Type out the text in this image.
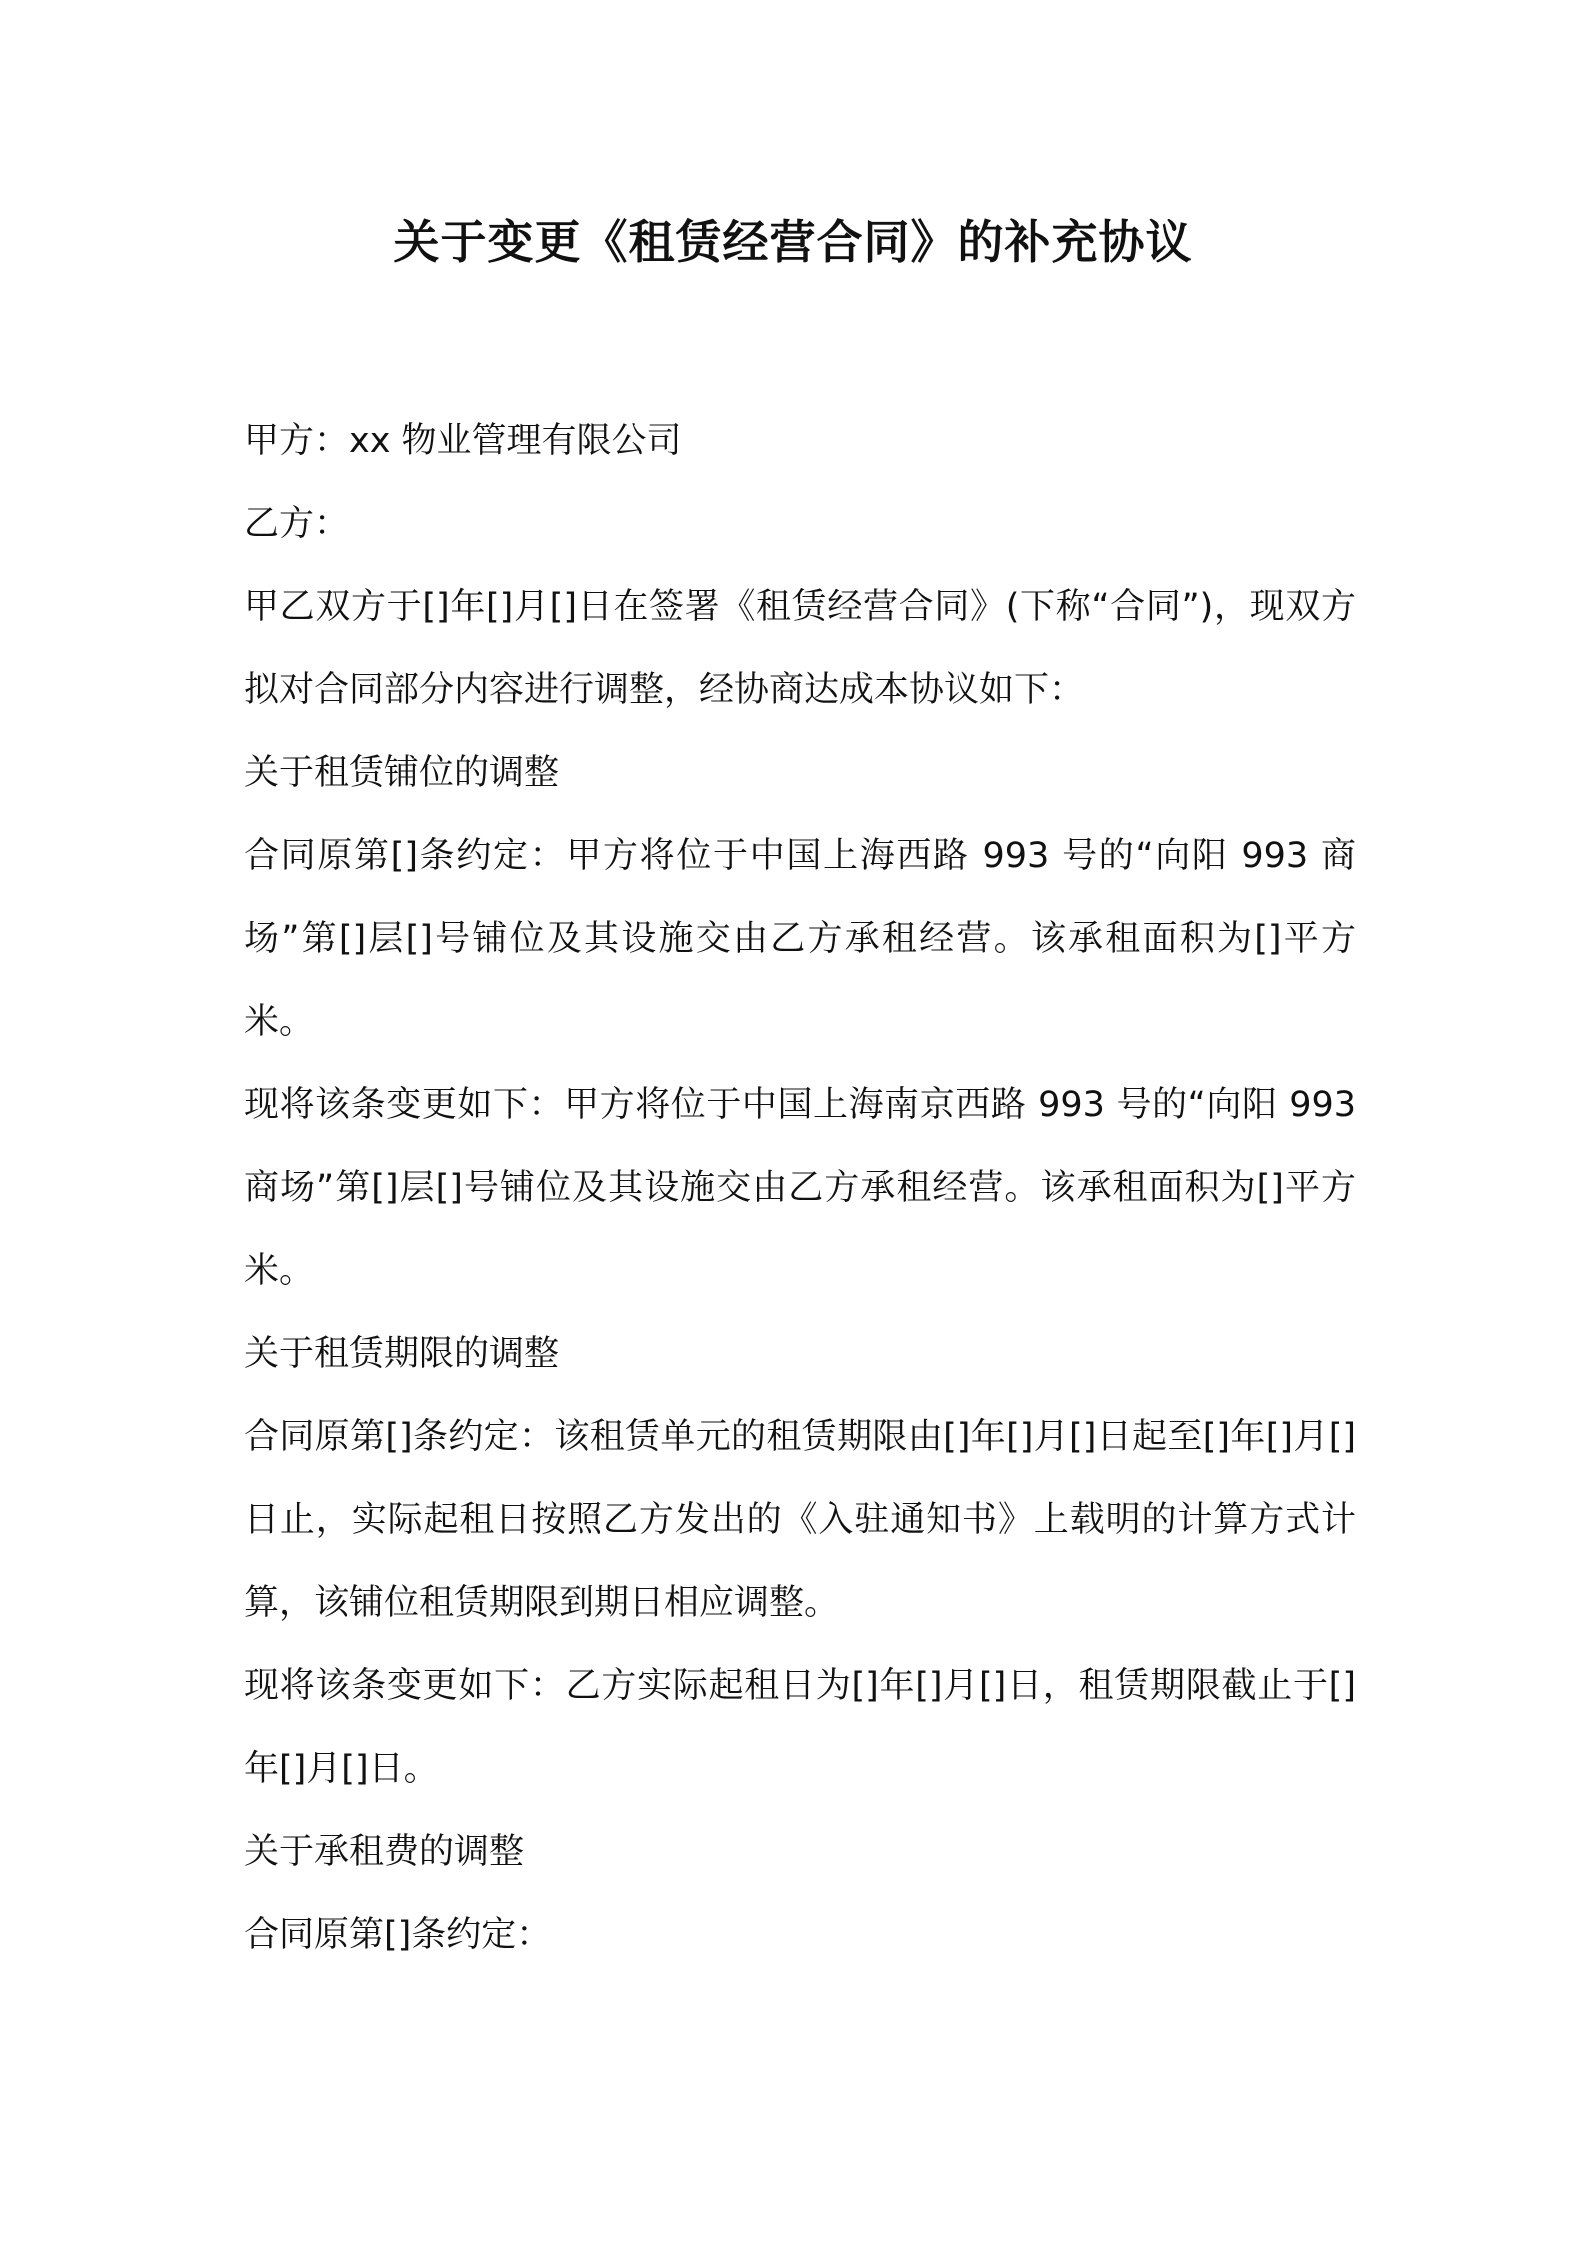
关于变更《租赁经营合同》的补充协议

甲方：xx 物业管理有限公司

乙方：

甲乙双方于[]年[]月[]日在签署《租赁经营合同》(下称“合同”)，现双方拟对合同部分内容进行调整，经协商达成本协议如下：

关于租赁铺位的调整

合同原第[]条约定：甲方将位于中国上海西路 993 号的“向阳 993 商场”第[]层[]号铺位及其设施交由乙方承租经营。该承租面积为[]平方米。

现将该条变更如下：甲方将位于中国上海南京西路 993 号的“向阳 993 商场”第[]层[]号铺位及其设施交由乙方承租经营。该承租面积为[]平方米。

关于租赁期限的调整

合同原第[]条约定：该租赁单元的租赁期限由[]年[]月[]日起至[]年[]月[]日止，实际起租日按照乙方发出的《入驻通知书》上载明的计算方式计算，该铺位租赁期限到期日相应调整。

现将该条变更如下：乙方实际起租日为[]年[]月[]日，租赁期限截止于[]年[]月[]日。

关于承租费的调整

合同原第[]条约定：
